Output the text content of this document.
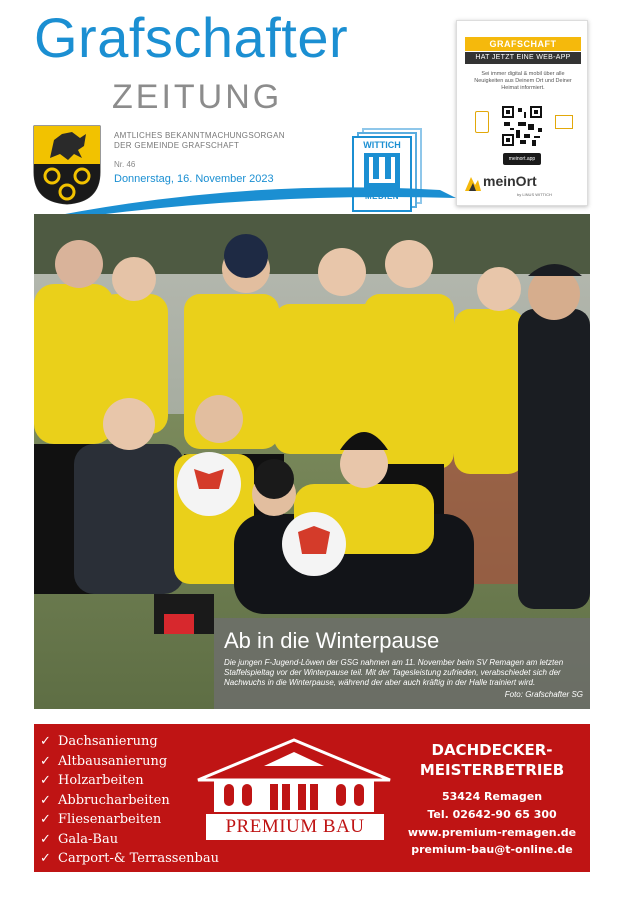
Grafschafter
ZEITUNG
AMTLICHES BEKANNTMACHUNGSORGAN
DER GEMEINDE GRAFSCHAFT
Nr. 46
Donnerstag, 16. November 2023
WITTICH
GRAFSCHAFT
HAT JETZT EINE WEB-APP
Sei immer digital & mobil über alle Neuigkeiten aus Deinem Ort und Deiner Heimat informiert.
meinort.app
meinOrt
by LINUS WITTICH
Ab in die Winterpause
Die jungen F-Jugend-Löwen der GSG nahmen am 11. November beim SV Remagen am letzten Staffelspieltag vor der Winterpause teil. Mit der Tagesleistung zufrieden, verabschiedet sich der Nachwuchs in die Winterpause, während der aber auch kräftig in der Halle trainiert wird.
Foto: Grafschafter SG
✓ Dachsanierung
✓ Altbausanierung
✓ Holzarbeiten
✓ Abbrucharbeiten
✓ Fliesenarbeiten
✓ Gala-Bau
✓ Carport-& Terrassenbau
PREMIUM BAU
DACHDECKER-
MEISTERBETRIEB
53424 Remagen
Tel. 02642-90 65 300
www.premium-remagen.de
premium-bau@t-online.de
